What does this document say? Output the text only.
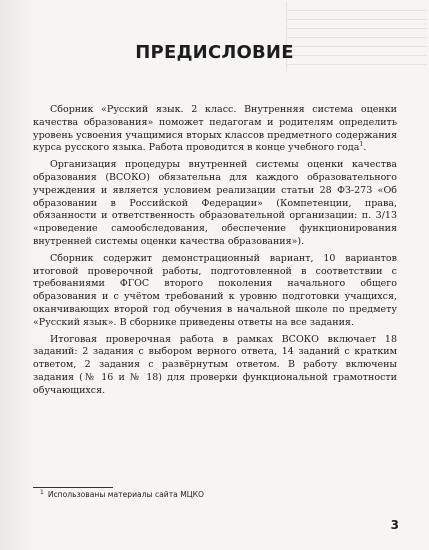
ПРЕДИСЛОВИЕ

Сборник «Русский язык. 2 класс. Внутренняя система оценки качества образования» поможет педагогам и родителям определить уровень усвоения учащимися вторых классов предметного содержания курса русского языка. Работа проводится в конце учебного года$^1$.

Организация процедуры внутренней системы оценки качества образования (ВСОКО) обязательна для каждого образовательного учреждения и является условием реализации статьи 28 ФЗ-273 «Об образовании в Российской Федерации» (Компетенции, права, обязанности и ответственность образовательной организации: п. 3/13 «проведение самообследования, обеспечение функционирования внутренней системы оценки качества образования»).

Сборник содержит демонстрационный вариант, 10 вариантов итоговой проверочной работы, подготовленной в соответствии с требованиями ФГОС второго поколения начального общего образования и с учётом требований к уровню подготовки учащихся, оканчивающих второй год обучения в начальной школе по предмету «Русский язык». В сборнике приведены ответы на все задания.

Итоговая проверочная работа в рамках ВСОКО включает 18 заданий: 2 задания с выбором верного ответа, 14 заданий с кратким ответом, 2 задания с развёрнутым ответом. В работу включены задания (№ 16 и № 18) для проверки функциональной грамотности обучающихся.

$^1$ Использованы материалы сайта МЦКО
3
